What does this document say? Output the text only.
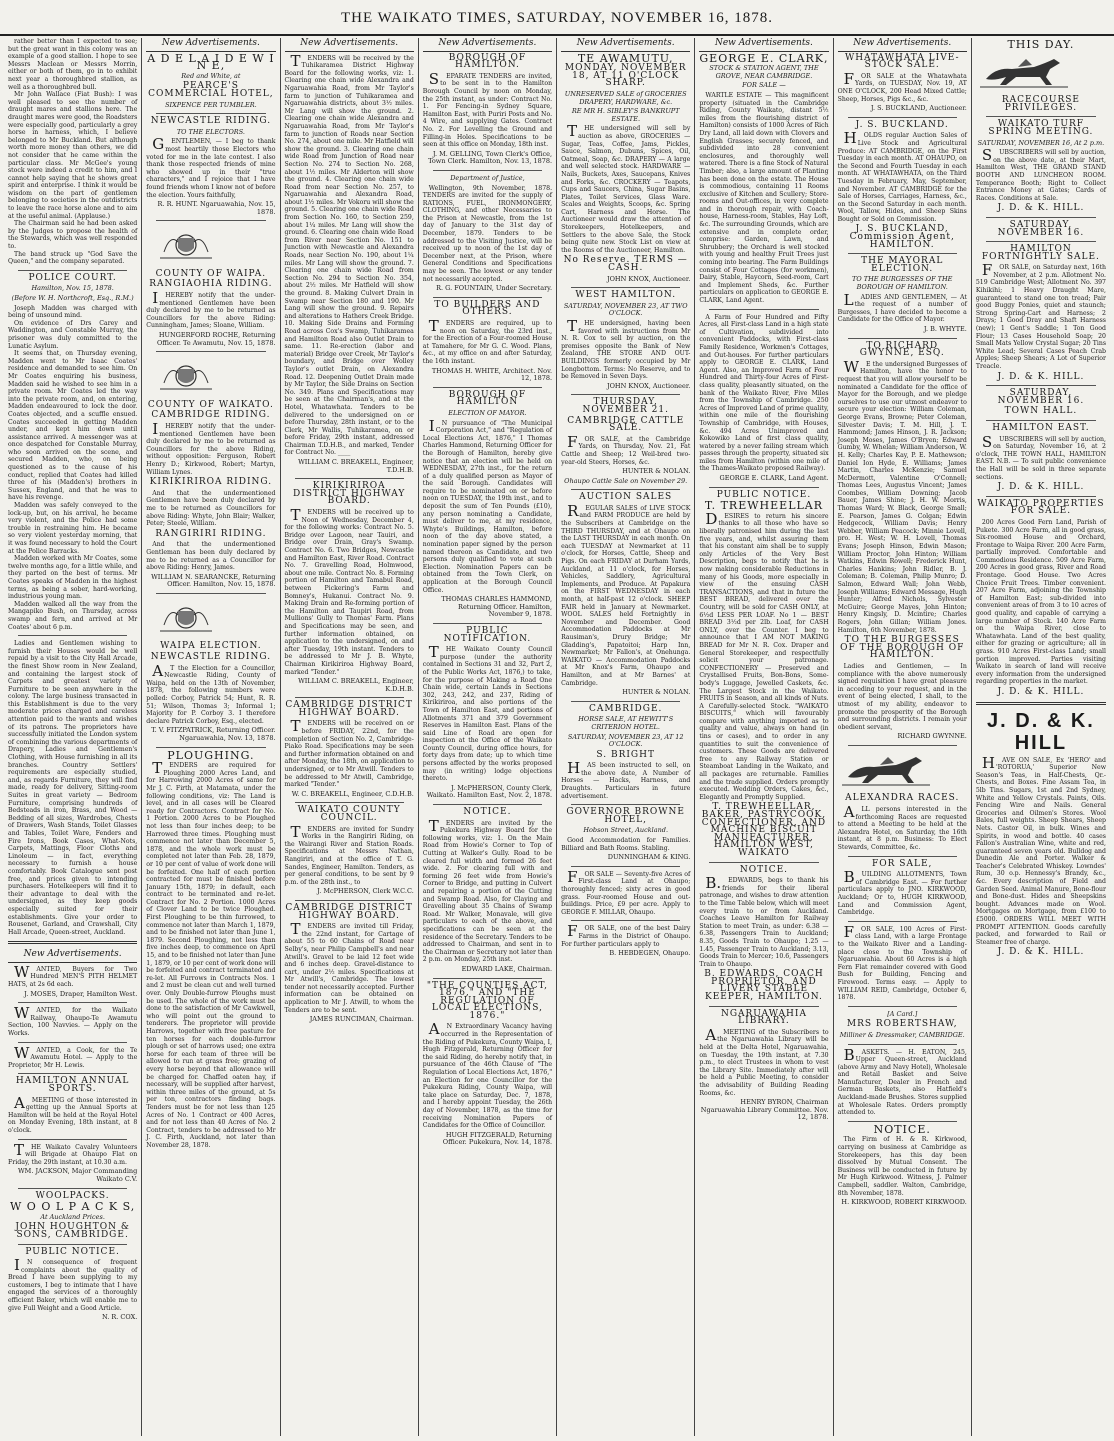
THE WAIKATO TIMES, SATURDAY, NOVEMBER 16, 1878.

rather better than I expected to see; but the great want in this colony was an example of a good stallion. I hope to see Messrs Maclean or Messrs Morrin, either or both of them, go in to exhibit next year a thoroughbred stallion, as well as a thoroughbred bull.

Mr John Wallace (Fiat Bush): I was well pleased to see the number of draught mares and stallions here. The draught mares were good, the Roadsters were especially good, particularly a grey horse in harness, which, I believe belonged to Mr Buckland. But although worth more money than others, we did not consider that he came within the particular class. Mr McGee's young stock were indeed a credit to him, and I cannot help saying that he shows great spirit and enterprise. I think it would be wisdom on the part of gentlemen belonging to societies in the outdistricts to leave the race horse alone and to aim at the useful animal. (Applause.)

The Chairman said he had been asked by the Judges to propose the health of the Stewards, which was well responded to.

The band struck up "God Save the Queen," and the company separated.

POLICE COURT.
Hamilton, Nov. 15, 1878.
(Before W. H. Northcroft, Esq., R.M.)

Joseph Madden was charged with being of unsound mind.

On evidence of Drs Carey and Waddington, and Constable Murray, the prisoner was duly committed to the Lunatic Asylum.

It seems that, on Thursday evening, Madden went to Mr Isaac Coates' residence and demanded to see him. On Mr Coates enquiring his business, Madden said he wished to see him in a private room. Mr Coates led the way into the private room, and, on entering, Madden endeavoured to lock the door. Coates objected, and a scuffle ensued. Coates succeeded in getting Madden under, and kept him down until assistance arrived. A messenger was at once despatched for Constable Murray, who soon arrived on the scene, and secured Madden, who, on being questioned as to the cause of his conduct, replied that Coates had killed three of his (Madden's) brothers in Sussex, England, and that he was to have his revenge.

Madden was safely conveyed to the lock-up, but, on his arrival, he became very violent, and the Police had some trouble in restraining him. He became so very violent yesterday morning, that it was found necessary to hold the Court at the Police Barracks.

Madden worked with Mr Coates, some twelve months ago, for a little while, and they parted on the best of terms. Mr Coates speaks of Madden in the highest terms, as being a sober, hard-working, industrious young man.

Madden walked all the way from the Mangapiko Bush, on Thursday, across swamp and fern, and arrived at Mr Coates' about 6 p.m.

Ladies and Gentlemen wishing to furnish their Houses would be well repaid by a visit to the City Hall Arcade, the finest Show room in New Zealand, and containing the largest stock of Carpets and greatest variety of Furniture to be seen anywhere in the colony. The large business transacted in this Establishment is due to the very moderate prices charged and careless attention paid to the wants and wishes of its patrons. The proprietors have successfully initiated the London system of combining the various departments of Drapery, Ladies and Gentlemen's Clothing, with House furnishing in all its branches. Country Settlers' requirements are especially studied, and, as regards Furniture, they will find made, ready for delivery, Sitting-room Suites in great variety — Bedroom Furniture, comprising hundreds of Bedsteads in iron, Brass, and Wood — Bedding of all sizes, Wardrobes, Chests of Drawers, Wash Stands, Toilet Glasses and Tables, Toilet Ware, Fenders and Fire Irons, Book Cases, What-Nots, Carpets, Mattings, Floor Cloths and Linoleum — in fact, everything necessary to furnish a house comfortably. Book Catalogue sent post free, and prices given to intending purchasers. Hotelkeepers will find it to their advantage to deal with the undersigned, as they keep goods especially suited for their establishments. Give your order to Rousenet, Garland, and Crawshall, City Hall Arcade, Queen-street, Auckland.

New Advertisements.

WANTED, Buyers for Two Hundred MEN'S PITH HELMET HATS, at 2s 6d each.

J. MOSES, Draper, Hamilton West.

WANTED, for the Waikato Railway, Ohaupo-Te Awamutu Section, 100 Navvies. — Apply on the Works.

WANTED, a Cook, for the Te Awamutu Hotel. — Apply to the Proprietor, Mr H. Lewis.

HAMILTON ANNUAL SPORTS.

AMEETING of those interested in getting up the Annual Sports at Hamilton will be held at the Royal Hotel on Monday Evening, 18th instant, at 8 o'clock.

THE Waikato Cavalry Volunteers will Brigade at Ohaupo Flat on Friday, the 29th instant, at 10.30 a.m.

WM. JACKSON, Major Commanding Waikato C.V.
WOOLPACKS.
W O O L P A C K S,
At Auckland Prices.
JOHN HOUGHTON & SONS, CAMBRIDGE.
PUBLIC NOTICE.

IN consequence of frequent complaints about the quality of Bread I have been supplying to my customers, I beg to intimate that I have engaged the services of a thoroughly efficient Baker, which will enable me to give Full Weight and a Good Article.

N. R. COX.
New Advertisements.
A D E L A I D E W I N E,
Red and White, at
PEARCE'S COMMERCIAL HOTEL,
SIXPENCE PER TUMBLER.
NEWCASTLE RIDING.
TO THE ELECTORS.

GENTLEMEN, — I beg to thank most heartily those Electors who voted for me in the late contest. I also thank those respected friends of mine who showed up in their "true characters," and I rejoice that I have found friends whom I know not of before the election. Yours faithfully,

R. R. HUNT. Ngaruawahia, Nov. 15, 1878.
COUNTY OF WAIPA.
RANGIAOHIA RIDING.

IHEREBY notify that the under-mentioned Gentlemen have been duly declared by me to be returned as Councillors for the above Riding: Cunningham, James; Sloane, William.

HUNGERFORD ROCHE, Returning Officer. Te Awamutu, Nov. 15, 1878.
COUNTY OF WAIKATO.
CAMBRIDGE RIDING.

IHEREBY notify that the under-mentioned Gentlemen have been duly declared by me to be returned as Councillors for the above Riding, without opposition: Ferguson, Robert Henry D.; Kirkwood, Robert; Martyn, William Lynes.

KIRIKIRIROA RIDING.

And that the undermentioned Gentlemen have been duly declared by me to be returned as Councillors for above Riding: Whyte, John Blair; Walker, Peter; Steele, William.

RANGIRIRI RIDING.

And that the undermentioned Gentleman has been duly declared by me to be returned as a Councillor for above Riding: Henry, James.

WILLIAM N. SEARANCKE, Returning Officer. Hamilton, Nov. 15, 1878.
WAIPA ELECTION.
NEWCASTLE RIDING.

AT the Election for a Councillor, Newcastle Riding, County of Waipa, held on the 13th of November, 1878, the following numbers were polled: Corboy, Patrick 54; Hunt, R. R. 51; Wilson, Thomas 3; Informal 1; Majority for P. Corboy 3. I therefore declare Patrick Corboy, Esq., elected.

T. V. FITZPATRICK, Returning Officer. Ngaruawahia, Nov. 13, 1878.
PLOUGHING.

TENDERS are required for Ploughing 2000 Acres Land, and for Harrowing 2000 Acres of same for Mr J. C. Firth, at Matamata, under the following conditions, viz: The Land is level, and in all cases will be Cleared ready for Contractors. Contract for No. 1 Portion. 2000 Acres to be Ploughed not less than four inches deep; to be Harrowed three times. Ploughing must commence not later than December 5, 1878, and the whole work must be completed not later than Feb. 28, 1879, or 10 per cent of value of work done will be forfeited. One half of each portion contracted for must be finished before January 15th, 1879; in default, each contract to be terminated and re-let. Contract for No. 2 Portion. 1000 Acres of Clover Land to be twice Ploughed. First Ploughing to be thin furrowed, to commence not later than March 1, 1879, and to be finished not later than June 1, 1879. Second Ploughing, not less than five inches deep, to commence on April 15, and to be finished not later than June 1, 1879, or 10 per cent of work done will be forfeited and contract terminated and re-let. All Furrows in Contracts Nos. 1 and 2 must be clean cut and well turned over. Only Double-furrow Ploughs must be used. The whole of the work must be done to the satisfaction of Mr Cawkwell, who will point out the ground to tenderers. The proprietor will provide Harrows, together with free pasture for ten horses for each double-furrow plough or set of harrows used; one extra horse for each team of three will be allowed to run at grass free; grazing of every horse beyond that allowance will be charged for. Chaffed oaten hay, if necessary, will be supplied after harvest, within three miles of the ground, at 5s per ton, contractors finding bags. Tenders must be for not less than 125 Acres of No. 1 Contract or 400 Acres, and for not less than 40 Acres of No. 2 Contract, tenders to be addressed to Mr J. C. Firth, Auckland, not later than November 28, 1878.

New Advertisements.

TENDERS will be received by the Tuhikaramea District Highway Board for the following works, viz: 1. Clearing one chain wide Alexandra and Ngaruawahia Road, from Mr Taylor's farm to junction of Tuhikaramea and Ngaruawahia districts, about 3½ miles. Mr Lang will show the ground. 2. Clearing one chain wide Alexandra and Ngaruawahia Road, from Mr Taylor's farm to junction of Roads near Section No. 274, about one mile. Mr Hatfield will show the ground. 3. Clearing one chain wide Road from Junction of Road near Section No. 274 to Section No. 268, about 1½ miles. Mr Alderton will show the ground. 4. Clearing one chain wide Road from near Section No. 257, to Ngaruawahia and Alexandra Road, about 1½ miles. Mr Vokoru will show the ground. 5. Clearing one chain wide Road from Section No. 160, to Section 259, about 1¼ miles. Mr Lang will show the ground. 6. Clearing one chain wide Road from River near Section No. 151 to Junction with Newcastle and Alexandra Roads, near Section No. 190, about 1¼ miles. Mr Lang will show the ground. 7. Clearing one chain wide Road from Section No. 294 to Section No. 354, about 2½ miles. Mr Hatfield will show the ground. 8. Making Culvert Drain in Swamp near Section 180 and 190. Mr Lang will show the ground. 9. Repairs and alterations to Hathers Creek Bridge. 10. Making Side Drains and Forming Road across Cox's Swamp, Tuhikaramea and Hamilton Road also Outlet Drain to same. 11. Re-erection (labor and material) Bridge over Creek, Mr Taylor's boundary, and Bridge over Wolley Taylor's outlet Drain, on Alexandra Road. 12. Deepening Outlet Drain made by Mr Taylor, the Side Drains on Section No. 349. Plans and Specifications may be seen at the Chairman's, and at the Hotel, Whatawhata. Tenders to be delivered to the undersigned on or before Thursday, 28th instant, or to the Clerk, Mr Wallis, Tuhikaramea, on or before Friday, 29th instant, addressed Chairman T.D.H.B., and marked, Tender for Contract No. ____

WILLIAM C. BREAKELL, Engineer, T.D.H.B.
KIRIKIRIROA DISTRICT HIGHWAY BOARD.

TENDERS will be received up to Noon of Wednesday, December 4, for the following works: Contract No. 5. Bridge over Lagoon, near Tauiri, and Bridge over Drain, Gray's Swamp. Contract No. 6. Two Bridges, Newcastle and Hamilton East, River Road. Contract No. 7. Gravelling Road, Holmwood, about one mile. Contract No. 8. Forming portion of Hamilton and Tamabul Road, between Pickering's Farm and Bomney's, Hukanui. Contract No. 9. Making Drain and Re-forming portion of the Hamilton and Taupiri Road, from Mullions' Gully to Thomas' Farm. Plans and Specifications may be seen, and further information obtained, on application to the undersigned, on and after Tuesday, 19th instant. Tenders to be addressed to Mr J. B. Whyte, Chairman Kirikiriroa Highway Board, marked "Tender."

WILLIAM C. BREAKELL, Engineer, K.D.H.B.
CAMBRIDGE DISTRICT HIGHWAY BOARD.

TENDERS will be received on or before FRIDAY, 22nd, for the completion of Section No. 2, Cambridge-Piako Road. Specifications may be seen and further information obtained on and after Monday, the 18th, on application to undersigned, or to Mr Atwill. Tenders to be addressed to Mr Atwill, Cambridge, marked "Tender."

W. C. BREAKELL, Engineer, C.D.H.B.
WAIKATO COUNTY COUNCIL.

TENDERS are invited for Sundry Works in the Rangiriri Riding, on the Wairangi River and Station Roads. Specifications at Messrs Nathan, Rangiriri, and at the office of T. G. Sandes, Engineer, Hamilton. Tenders, as per general conditions, to be sent by 9 p.m. of the 28th inst., to

J. McPHERSON, Clerk W.C.C.
CAMBRIDGE DISTRICT HIGHWAY BOARD.

TENDERS are invited till Friday, the 22nd instant, for Cartage of about 55 to 60 Chains of Road near Selby's, near Philip Campbell's and near Atwill's. Gravel to be laid 12 feet wide and 6 inches deep. Gravel-distance to cart, under 2½ miles. Specifications at Mr Atwill's, Cambridge. The lowest tender not necessarily accepted. Further information can be obtained on application to Mr J. Atwill, to whom the Tenders are to be sent.

JAMES RUNCIMAN, Chairman.
New Advertisements.
BOROUGH OF HAMILTON.

SEPARATE TENDERS are invited, to be sent in to the Hamilton Borough Council by noon on Monday, the 25th instant, as under: Contract No. 1. For Fencing-in Sydney Square, Hamilton East, with Puriri Posts and No. 4 Wire, and supplying Gates. Contract No. 2. For Levelling the Ground and Filling-in Holes. Specifications to be seen at this office on Monday, 18th inst.

J. M. GELLING, Town Clerk's Office, Town Clerk. Hamilton, Nov. 13, 1878.
Department of Justice,

Wellington, 9th November, 1878. TENDERS are invited for the supply of RATIONS, FUEL, IRONMONGERY, CLOTHING, and other Necessaries to the Prison at Newcastle, from the 1st day of January to the 31st day of December, 1879. Tenders to be addressed to the Visiting Justice, will be received up to noon of the 1st day of December next, at the Prison, where General Conditions and Specifications may be seen. The lowest or any tender not necessarily accepted.

R. G. FOUNTAIN, Under Secretary.
TO BUILDERS AND OTHERS.

TENDERS are required, up to noon on Saturday, the 23rd inst., for the Erection of a Four-roomed House at Tamahere, for Mr G. C. Wood. Plans, &c., at my office on and after Saturday, the 16th instant.

THOMAS H. WHITE, Architect. Nov. 12, 1878.
BOROUGH OF HAMILTON
ELECTION OF MAYOR.

IN pursuance of "The Municipal Corporation Act," and "Regulation of Local Elections Act, 1876," I Thomas Charles Hammond, Returning Officer for the Borough of Hamilton, hereby give notice that an election will be held on WEDNESDAY, 27th inst., for the return of a duly qualified person as Mayor of the said Borough. Candidates will require to be nominated on or before noon on TUESDAY, the 19th inst., and to deposit the sum of Ten Pounds (£10), any person nominating a Candidate, must deliver to me, at my residence, Whyte's Buildings, Hamilton, before noon of the day above stated, a nomination paper signed by the person named thereon as Candidate, and two persons duly qualified to vote at such Election. Nomination Papers can be obtained from the Town Clerk, on application at the Borough Council Office.

THOMAS CHARLES HAMMOND, Returning Officer. Hamilton, November 9, 1878.
PUBLIC NOTIFICATION.

THE Waikato County Council purpose (under the authority contained in Sections 31 and 32, Part 2, of the Public Works Act, 1876,) to take, for the purpose of Making a Road One Chain wide, certain Lands in Sections 302, 243, 242, and 237, Riding of Kirikiriroa, and also portions of the Town of Hamilton East, and portions of Allotments 371 and 379 Government Reserves in Hamilton East. Plans of the said Line of Road are open for inspection at the Office of the Waikato County Council, during office hours, for forty days from date; up to which time persons affected by the works proposed may (in writing) lodge objections thereto.

J. McPHERSON, County Clerk, Waikato. Hamilton East, Nov. 2, 1878.
NOTICE.

TENDERS are invited by the Pukekura Highway Board for the following works, viz: 1. On the Main Road from Howie's Corner to Top of Cutting at Walker's Gully. Road to be cleared full width and formed 26 feet wide. 2. For clearing full with and forming 26 feet wide from Howie's Corner to Bridge, and putting in Culvert and repairing a portion of the Cutting and Swamp Road. Also, for Claying and Gravelling about 35 Chains of Swamp Road. Mr Walker, Monavale, will give particulars to each of the above, and specifications can be seen at the residence of the Secretary. Tenders to be addressed to Chairman, and sent in to the Chairman or Secretary not later than 2 p.m. on Monday, 25th inst.

EDWARD LAKE, Chairman.
"THE COUNTIES ACT, 1876," AND "THE REGULATION OF LOCAL ELECTIONS, 1876."

AN Extraordinary Vacancy having occurred in the Representation of the Riding of Pukekura, County Waipa, I, Hugh Fitzgerald, Returning Officer for the said Riding, do hereby notify that, in pursuance of the 46th Clause of "The Regulation of Local Elections Act, 1876," an Election for one Councillor for the Pukekura Riding, County Waipa, will take place on Saturday, Dec. 7, 1878, and I hereby appoint Tuesday, the 26th day of November, 1878, as the time for receiving Nomination Papers of Candidates for the Office of Councillor.

HUGH FITZGERALD, Returning Officer. Pukekura, Nov. 14, 1878.
New Advertisements.
TE AWAMUTU,
MONDAY, NOVEMBER 18, AT 11 O'CLOCK SHARP.
UNRESERVED SALE of GROCERIES DRAPERY, HARDWARE, &c.
RE MR H. SIBLEY'S BANKRUPT ESTATE.

THE undersigned will sell by auction as above, GROCERIES — Sugar, Teas, Coffee, Jams, Pickles, Sauce, Salmon, Dubuns, Spices, Oil, Oatmeal, Soap, &c. DRAPERY — A large and well selected stock. HARDWARE — Nails, Buckets, Axes, Saucepans, Knives and Forks, &c. CROCKERY — Teapots, Cups and Saucers, China, Sugar Basins, Plates, Toilet Services, Glass Ware. Scales and Weights, Scoops, &c. Spring Cart, Harness and Horse. The Auctioneer would draw the attention of Storekeepers, Hotelkeepers, and Settlers to the above Sale, the Stock being quite new. Stock List on view at the Rooms of the Auctioneer, Hamilton.

No Reserve. TERMS — CASH.
JOHN KNOX, Auctioneer.
WEST HAMILTON.
SATURDAY, NOVEMBER 23, AT TWO O'CLOCK.

THE undersigned, having been favored with instructions from Mr N. R. Cox to sell by auction, on the premises opposite the Bank of New Zealand, THE STORE AND OUT-BUILDINGS formerly occupied by Mr Longbottom. Terms: No Reserve, and to be Removed in Seven Days.

JOHN KNOX, Auctioneer.
THURSDAY, NOVEMBER 21.
CAMBRIDGE CATTLE SALE.

FOR SALE, at the Cambridge Yards, on Thursday, Nov. 21, Fat Cattle and Sheep; 12 Weil-bred two-year-old Steers, Horses, &c.

HUNTER & NOLAN.
Ohaupo Cattle Sale on November 29.
AUCTION SALES

REGULAR SALES of LIVE STOCK and FARM PRODUCE are held by the Subscribers at Cambridge on the THIRD THURSDAY, and at Ohaupo on the LAST THURSDAY in each month. On each TUESDAY at Newmarket at 11 o'clock, for Horses, Cattle, Sheep and Pigs. On each FRIDAY at Durham Yards, Auckland, at 11 o'clock, for Horses, Vehicles, Saddlery, Agricultural Implements, and Produce. At Papakura on the FIRST WEDNESDAY in each month, at half-past 12 o'clock. SHEEP FAIR held in January at Newmarket. WOOL SALES held Fortnightly in November and December. Good Accommodation Paddocks at Mr Rausiman's, Drury Bridge; Mr Gladding's, Papatoitoi; Harp Inn, Newmarket; Mr Fallon's, at Onehunga. WAIKATO — Accommodation Paddocks at Mr Knox's Farm, Ohaupo and Hamilton, and at Mr Barnes' at Cambridge.

HUNTER & NOLAN.
CAMBRIDGE.
HORSE SALE, AT HEWITT'S CRITERION HOTEL.
SATURDAY, NOVEMBER 23, AT 12 O'CLOCK.
S. BRIGHT

HAS been instructed to sell, on the above date, A Number of Horses — Hacks, Harness, and Draughts. Particulars in future advertisement.

GOVERNOR BROWNE HOTEL,
Hobson Street, Auckland.

Good Accommodation for Families. Billiard and Bath Rooms. Stabling.

DUNNINGHAM & KING.

FOR SALE — Seventy-five Acres of First-class Land at Ohaupo; thoroughly fenced; sixty acres in good grass. Four-roomed House and out-buildings. Price, £9 per acre. Apply to GEORGE F. MILLAR, Ohaupo.

FOR SALE, one of the best Dairy Farms in the District of Ohaupo. For further particulars apply to

B. HEBDEGEN, Ohaupo.
New Advertisements.
GEORGE E. CLARK,
STOCK & STATION AGENT, THE GROVE, NEAR CAMBRIDGE.
FOR SALE —

WARTLE ESTATE — This magnificent property (situated in the Cambridge Riding, County Waikato, distant 5½ miles from the flourishing district of Hamilton) consists of 1000 Acres of Rich Dry Land, all laid down with Clovers and English Grasses; securely fenced, and subdivided into 28 convenient enclosures, and thoroughly well watered. There is a fine Stock of Natural Timber; also, a large amount of Planting has been done on the estate. The House is commodious, containing 11 Rooms exclusive of Kitchen and Scullery; Store-rooms and Out-offices, in very complete and in thorough repair, with Coach-house, Harness-room, Stables, Hay Loft, &c. The surrounding Grounds, which are extensive and in complete order, comprise: Garden, Lawn, and Shrubbery; the Orchard is well stocked with young and healthy Fruit Trees just coming into bearing. The Farm Buildings consist of Four Cottages (for workmen), Dairy, Stable, Haycorn, Seed-room, Cart and Implement Sheds, &c. Further particulars on application to GEORGE E. CLARK, Land Agent.

A Farm of Four Hundred and Fifty Acres, all First-class Land in a high state of Cultivation, subdivided into convenient Paddocks, with First-class Family Residence, Workmen's Cottages, and Out-houses. For further particulars apply to GEORGE E. CLARK, Land Agent. Also, an Improved Farm of Four Hundred and Thirty-four Acres of First-class quality, pleasantly situated, on the bank of the Waikato River, Five Miles from the Township of Cambridge. 250 Acres of Improved Land of prime quality, within one mile of the flourishing Township of Cambridge, with Houses, &c. 494 Acres Unimproved and Kokowiko Land of first class quality, watered by a never failing stream which passes through the property, situated six miles from Hamilton (within one mile of the Thames-Waikato proposed Railway).

GEORGE E. CLARK, Land Agent.
PUBLIC NOTICE.
T. TREWHEELLAR

DESIRES to return his sincere thanks to all those who have so liberally patronised him during the last five years, and, whilst assuring them that his constant aim shall be to supply only Articles of the Very Best Description, begs to notify that he is now making considerable Reductions in many of his Goods, more especially in view of the ensuing CASH TRANSACTIONS, and that in future the BEST BREAD, delivered over the Country, will be sold for CASH ONLY, at 6½d LESS PER LOAF. No 1 — BEST BREAD 3½d per 2lb. Loaf, for CASH ONLY, over the Counter. I beg to announce that I AM NOT MAKING BREAD for Mr N. R. Cox. Draper and General Storekeeper, and respectfully solicit your patronage. CONFECTIONERY — Preserved and Crystallised Fruits, Bon-Bons, Some-body's Luggage, Jewelled Caskets, &c. The Largest Stock in the Waikato. FRUITS in Season, and all kinds of Nuts. A Carefully-selected Stock. "WAIKATO BISCUITS," which will favourably compare with anything imported as to quality and value, always on hand (in tins or cases), and to order in any quantities to suit the convenience of customers. These Goods are delivered free to any Railway Station or Steamboat Landing in the Waikato, and all packages are returnable. Families and the trade supplied. Orders promptly executed. Wedding Orders, Cakes, &c., Elegantly and Promptly Supplied.

T. TREWHEELLAR, BAKER, PASTRYCOOK, CONFECTIONER, AND MACHINE BISCUIT MANUFACTURER, HAMILTON WEST, WAIKATO
NOTICE.

B.EDWARDS, begs to thank his friends for their liberal patronage, and wishes to draw attention to the Time Table below, which will meet every train to or from Auckland. Coaches Leave Hamilton for Railway Station to meet Train, as under: 6.38 — 6.38, Passengers Train to Auckland; 8.35, Goods Train to Ohaupo; 1.25 — 1.45, Passenger Train to Auckland; 3.13, Goods Train to Mercer; 10.6, Passengers Train to Ohaupo.

B. EDWARDS, COACH PROPRIETOR, AND LIVERY STABLE KEEPER, HAMILTON.
NGARUAWAHIA LIBRARY.

AMEETING of the Subscribers to the Ngaruawahia Library will be held at the Delta Hotel, Ngaruawahia, on Tuesday, the 19th instant, at 7.30 p.m., to elect Trustees in whom to vest the Library Site. Immediately after will be held a Public Meeting, to consider the advisability of Building Reading Rooms, &c.

HENRY BYRON, Chairman Ngaruawahia Library Committee. Nov. 12, 1878.
New Advertisements.
WHATAWHATA LIVE-STOCK SALE.

FOR SALE at the Whatawhata Yards, on TUESDAY, Nov. 19, AT ONE O'CLOCK, 200 Head Mixed Cattle; Sheep, Horses, Pigs &c., &c.

J. S. BUCKLAND, Auctioneer.
J. S. BUCKLAND.

HOLDS regular Auction Sales of Live Stock and Agricultural Produce: AT CAMBRIDGE, on the First Tuesday in each month. AT OHAUPO, on the Second and Fourth Tuesday in each month. AT WHATAWHATA, on the Third Tuesday in February, May, September, and November. AT CAMBRIDGE for the Sale of Horses, Carriages, Harness, &c., on the Second Saturday in each month. Wool, Tallow, Hides, and Sheep Skins Bought or Sold on Commission.

J. S. BUCKLAND, Commission Agent, HAMILTON.
THE MAYORAL ELECTION.
TO THE BURGESSES OF THE BOROUGH OF HAMILTON.

LADIES AND GENTLEMEN, — At the request of a number of Burgesses, I have decided to become a Candidate for the Office of Mayor.

J. B. WHYTE.
TO RICHARD GWYNNE, ESQ.

WE the undersigned Burgesses of Hamilton, have the honor to request that you will allow yourself to be nominated a Candidate for the office of Mayor for the Borough, and we pledge ourselves to use our utmost endeavor to secure your election: William Coleman, George Evans, Browne; Peter Coleman, Silvester Davis; T. M. Hill, J. T. Hammond; James Hinson, J. R. Jackson; Joseph Moses, James O'Bryen; Edward Gumby, W. Whelan; William Anderson, W. H. Kelly; Charles Kay, P. E. Mathewson; Daniel Ion Hyde, E. Williams; James Martin, Charles McKenzie; Samuel McDermott, Valentine O'Connell; Thomas Lees, Augustus Vincent; James Coombes, William Downing; Jacob Bauer, James Shine; J. H. W. Morris, Thomas Ward; W. Black, George Small; E. Pearson, James G. Colgan; Edwin Hedgecock, William Davis; Henry Webber, William Peacock; Minnie Lovell, pro. H. West; W. H. Lovell, Thomas Evans; Joseph Hinson, Edwin Mason; William Proctor, John Hinton; William Watkins, Edwin Rowell; Frederick Hunt, Charles Hankins; John Ridler, B. J. Coleman; B. Coleman, Philip Munro; D. Salmon, Edward Wall; John Webb, Joseph Williams; Edward Message, Hugh Hunter; Alfred Nichols, Sylvester McGuire; George Mayes, John Hinton; Henry Kingsly, D. Mcintire; Charles Rogers, John Gillan; William Jones. Hamilton, 6th November, 1878.

TO THE BURGESSES OF THE BOROUGH OF HAMILTON.

Ladies and Gentlemen, — In compliance with the above numerously signed requisition I have great pleasure in acceding to your request, and in the event of being elected, I shall, to the utmost of my ability, endeavor to promote the prosperity of the Borough and surrounding districts. I remain your obedient servant,

RICHARD GWYNNE.
ALEXANDRA RACES.

ALL persons interested in the forthcoming Races are requested to attend a Meeting to be held at the Alexandra Hotel, on Saturday, the 16th instant, at 8 p.m. Business: To Elect Stewards, Committee, &c.

FOR SALE,

BUILDING ALLOTMENTS, Town of Cambridge East. — For further particulars apply to JNO. KIRKWOOD, Auckland; Or to, HUGH KIRKWOOD, Land and Commission Agent, Cambridge.

FOR SALE, 100 Acres of First-class Land, with a large Frontage to the Waikato River and a Landing-place close to the Township of Ngaruawahia. About 60 Acres is a high Fern Flat remainder covered with Good Bush for Building, Fencing and Firewood. Terms easy. — Apply to WILLIAM REID, Cambridge, October 6, 1878.

[A Card.]
MRS ROBERTSHAW,
Milliner & Dressmaker, CAMBRIDGE.

BASKETS. — H. EATON, 245, Upper Queen-street, Auckland (above Army and Navy Hotel), Wholesale and Retail Basket and Seive Manufacturer, Dealer in French and German Baskets, also Hatfield's Auckland-made Brushes. Stores supplied at Wholesale Rates. Orders promptly attended to.

NOTICE.

The Firm of H. & R. Kirkwood, carrying on business at Cambridge as Storekeepers, has this day been dissolved by Mutual Consent. The Business will be conducted in future by Mr Hugh Kirkwood. Witness, J. Palmer Campbell, saddler. Walton, Cambridge, 8th November, 1878.

H. KIRKWOOD, ROBERT KIRKWOOD.
THIS DAY.
RACECOURSE PRIVILEGES.
WAIKATO TURF SPRING MEETING.
SATURDAY, NOVEMBER 16, At 2 p.m.

SUBSCRIBERS will sell by auction, on the above date, at their Mart, Hamilton West, THE GRAND STAND BOOTH AND LUNCHEON ROOM. Temperance Booth; Right to Collect Entrance Money at Gates; Cards of Races. Conditions at Sale.

J. D. & K. HILL.
SATURDAY, NOVEMBER 16.
HAMILTON FORTNIGHTLY SALE.

FOR SALE, on Saturday next, 16th November, at 2 p.m. Allotment No. 519 Cambridge West; Allotment No. 397 Kihikihi; 1 Heavy Draught Mare, guaranteed to stand one ton tread; Pair good Buggy Ponies, quiet and staunch; Strong Spring-Cart and Harness; 2 Drays; 1 Good Dray and Shaft Harness (new); 1 Gent's Saddle; 1 Ton Good Flour; 13 Cases Household Soap; 20 Small Mats Yellow Crystal Sugar; 20 Tins White Lead; Several Cases Peach Crab Apples; Sheep Shears; A Lot of Superior Treacle.

J. D. & K. HILL.
SATURDAY, NOVEMBER 16.
TOWN HALL.
HAMILTON EAST.

SUBSCRIBERS will sell by auction, on Saturday, November 16, at 2 o'clock, THE TOWN HALL, HAMILTON EAST. N.B. — To suit public convenience the Hall will be sold in three separate sections.

J. D. & K. HILL.
WAIKATO PROPERTIES FOR SALE.

200 Acres Good Fern Land, Parish of Pukete. 300 Acre Farm, all in good grass, Six-roomed House and Orchard, Frontage to Waipa River. 200 Acre Farm, partially improved. Comfortable and Commodious Residence. 509 Acre Farm, 200 Acres in good grass, River and Road Frontage. Good House. Two Acres Choice Fruit Trees. Timber convenient. 207 Acre Farm, adjoining the Township of Hamilton East; sub-divided into convenient areas of from 3 to 10 acres of good quality, and capable of carrying a large number of Stock. 140 Acre Farm on the Waipa River, close to Whatawhata. Land of the best quality, either for grazing or agriculture; all in grass. 910 Acres First-class Land; small portion improved. Parties visiting Waikato in search of land will receive every information from the undersigned regarding properties in the market.

J. D. & K. HILL.
J. D. & K. HILL

HAVE ON SALE, Ex 'HERO' and 'ROTORUA,' Superior New Season's Teas, in Half-Chests, Qr.-Chests, and Boxes. Fine Assam Tea, in 5lb Tins. Sugars, 1st and 2nd Sydney, White and Yellow Crystals. Paints, Oils. Fencing Wire and Nails. General Groceries and Oilmen's Stores. Wool Bales, full weights. Sheep Shears, Sheep Nets. Castor Oil, in bulk. Wines and Spirits, in wood and bottle. 40 cases Fallon's Australian Wine, white and red, guaranteed seven years old. Bulldog and Dunedin Ale and Porter. Walker & Teacher's Celebrated Whiskey. Lowndes' Rum, 30 o.p. Hennessy's Brandy, &c., &c. Every description of Field and Garden Seed. Animal Manure, Bone-flour and Bone-dust. Hides and Sheepskins bought. Advances made on Wool. Mortgages on Mortgage, from £100 to £5000. ORDERS WILL MEET WITH PROMPT ATTENTION. Goods carefully packed, and forwarded to Rail or Steamer free of charge.

J. D. & K. HILL.
